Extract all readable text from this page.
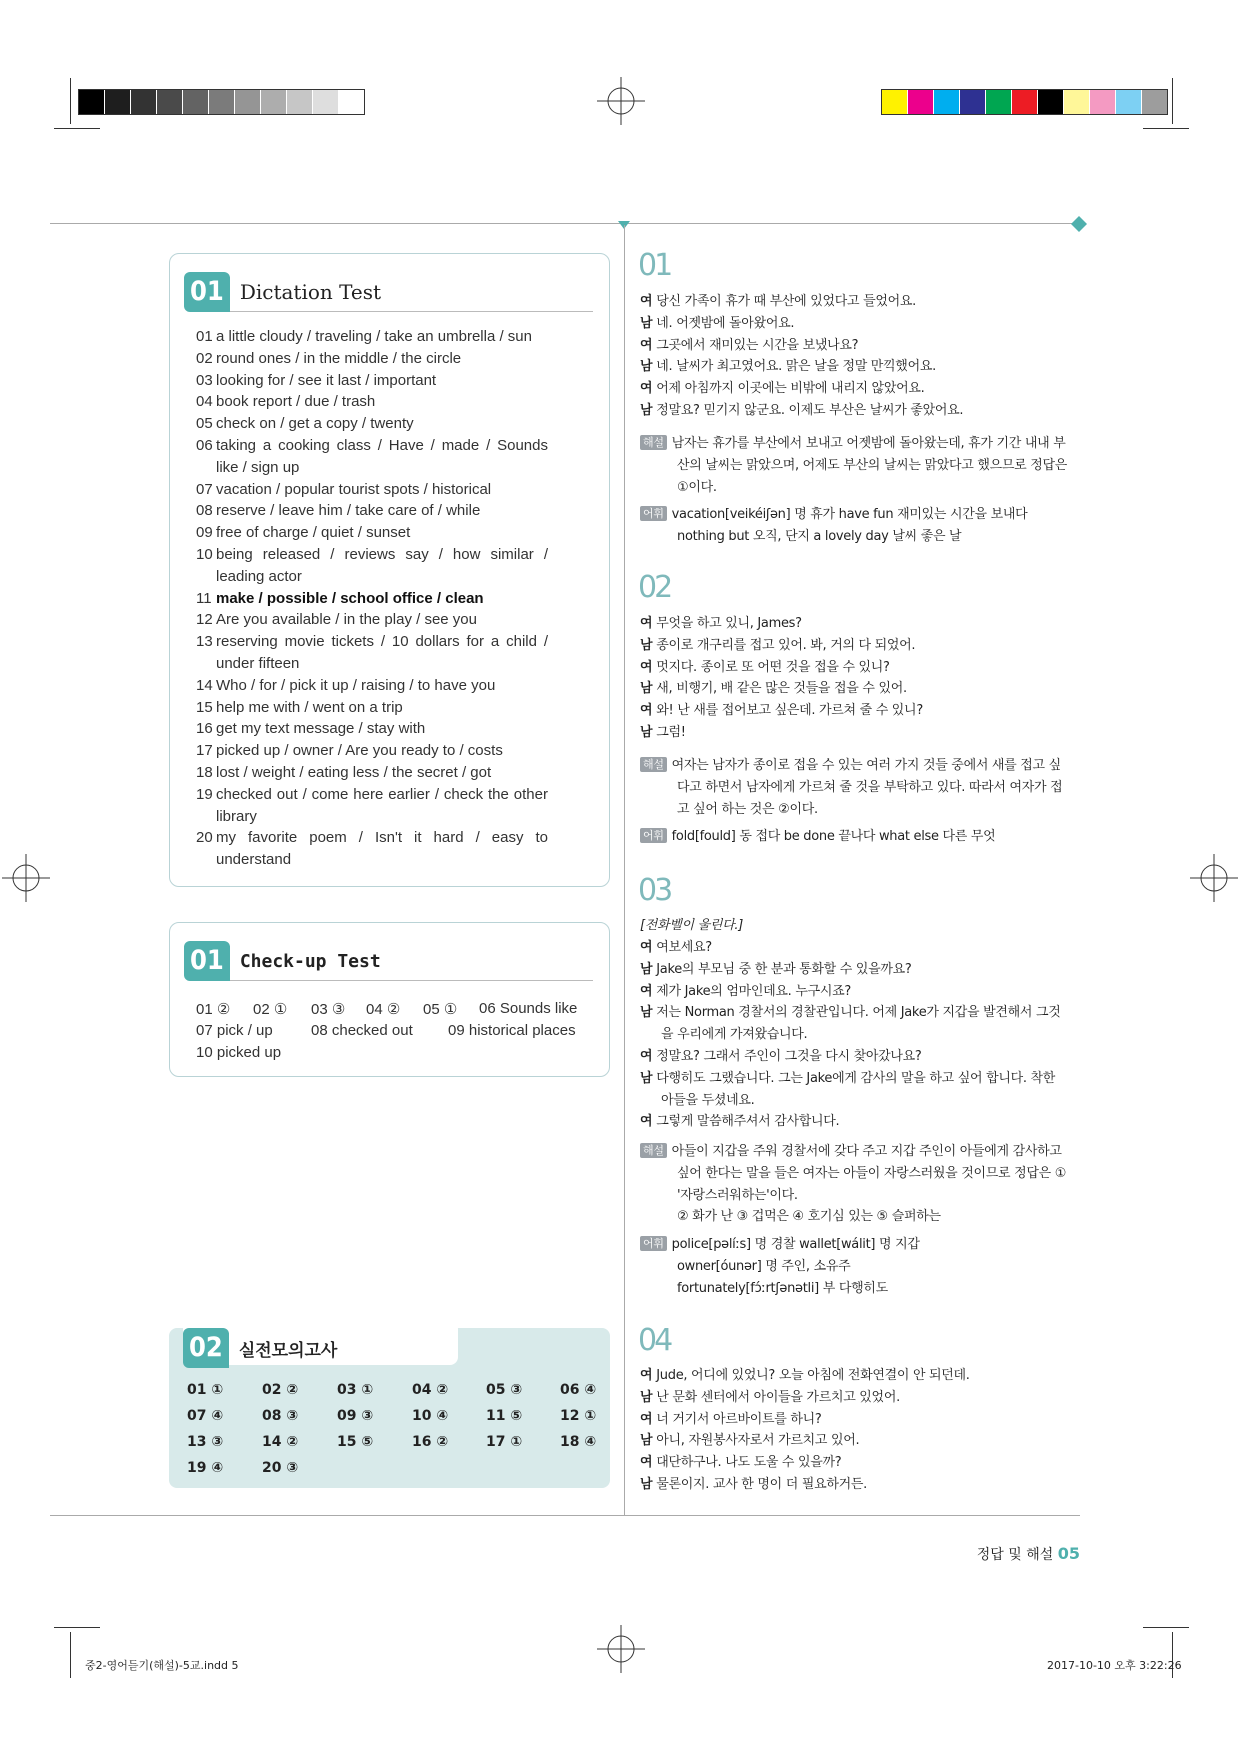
01 Dictation Test
01 a little cloudy / traveling / take an umbrella / sun
02 round ones / in the middle / the circle
03 looking for / see it last / important
04 book report / due / trash
05 check on / get a copy / twenty
06 taking a cooking class / Have / made / Sounds like / sign up
07 vacation / popular tourist spots / historical
08 reserve / leave him / take care of / while
09 free of charge / quiet / sunset
10 being released / reviews say / how similar / leading actor
11 make / possible / school office / clean
12 Are you available / in the play / see you
13 reserving movie tickets / 10 dollars for a child / under fifteen
14 Who / for / pick it up / raising / to have you
15 help me with / went on a trip
16 get my text message / stay with
17 picked up / owner / Are you ready to / costs
18 lost / weight / eating less / the secret / got
19 checked out / come here earlier / check the other library
20 my favorite poem / Isn't it hard / easy to understand
01 Check-up Test
01 ② 02 ① 03 ③ 04 ② 05 ① 06 Sounds like
07 pick / up	08 checked out 09 historical places
10 picked up
02 실전모의고사
01 ①	02 ②	03 ①	04 ②	05 ③	06 ④
07 ④	08 ③	09 ③	10 ④	11 ⑤	12 ①
13 ③	14 ②	15 ⑤	16 ②	17 ①	18 ④
19 ④	20 ③
01
여 당신 가족이 휴가 때 부산에 있었다고 들었어요.
남 네. 어젯밤에 돌아왔어요.
여 그곳에서 재미있는 시간을 보냈나요?
남 네. 날씨가 최고였어요. 맑은 날을 정말 만끽했어요.
여 어제 아침까지 이곳에는 비밖에 내리지 않았어요.
남 정말요? 믿기지 않군요. 이제도 부산은 날씨가 좋았어요.
해설 남자는 휴가를 부산에서 보내고 어젯밤에 돌아왔는데, 휴가 기간 내내 부
산의 날씨는 맑았으며, 어제도 부산의 날씨는 맑았다고 했으므로 정답은
①이다.
어휘 vacation[veikéiʃən] 명 휴가 have fun 재미있는 시간을 보내다
nothing but 오직, 단지 a lovely day 날씨 좋은 날
02
여 무엇을 하고 있니, James?
남 종이로 개구리를 접고 있어. 봐, 거의 다 되었어.
여 멋지다. 종이로 또 어떤 것을 접을 수 있니?
남 새, 비행기, 배 같은 많은 것들을 접을 수 있어.
여 와! 난 새를 접어보고 싶은데. 가르쳐 줄 수 있니?
남 그럼!
해설 여자는 남자가 종이로 접을 수 있는 여러 가지 것들 중에서 새를 접고 싶
다고 하면서 남자에게 가르쳐 줄 것을 부탁하고 있다. 따라서 여자가 접
고 싶어 하는 것은 ②이다.
어휘 fold[fould] 동 접다 be done 끝나다 what else 다른 무엇
03
[전화벨이 울린다.]
여 여보세요?
남 Jake의 부모님 중 한 분과 통화할 수 있을까요?
여 제가 Jake의 엄마인데요. 누구시죠?
남 저는 Norman 경찰서의 경찰관입니다. 어제 Jake가 지갑을 발견해서 그것
을 우리에게 가져왔습니다.
여 정말요? 그래서 주인이 그것을 다시 찾아갔나요?
남 다행히도 그랬습니다. 그는 Jake에게 감사의 말을 하고 싶어 합니다. 착한
아들을 두셨네요.
여 그렇게 말씀해주셔서 감사합니다.
해설 아들이 지갑을 주워 경찰서에 갖다 주고 지갑 주인이 아들에게 감사하고
싶어 한다는 말을 들은 여자는 아들이 자랑스러웠을 것이므로 정답은 ①
'자랑스러워하는'이다.
② 화가 난 ③ 겁먹은 ④ 호기심 있는 ⑤ 슬퍼하는
어휘 police[pəlíːs] 명 경찰 wallet[wálit] 명 지갑
owner[óunər] 명 주인, 소유주
fortunately[fɔ́ːrtʃənətli] 부 다행히도
04
여 Jude, 어디에 있었니? 오늘 아침에 전화연결이 안 되던데.
남 난 문화 센터에서 아이들을 가르치고 있었어.
여 너 거기서 아르바이트를 하니?
남 아니, 자원봉사자로서 가르치고 있어.
여 대단하구나. 나도 도울 수 있을까?
남 물론이지. 교사 한 명이 더 필요하거든.
정답 및 해설 05
중2-영어듣기(해설)-5교.indd 5	2017-10-10 오후 3:22:26
